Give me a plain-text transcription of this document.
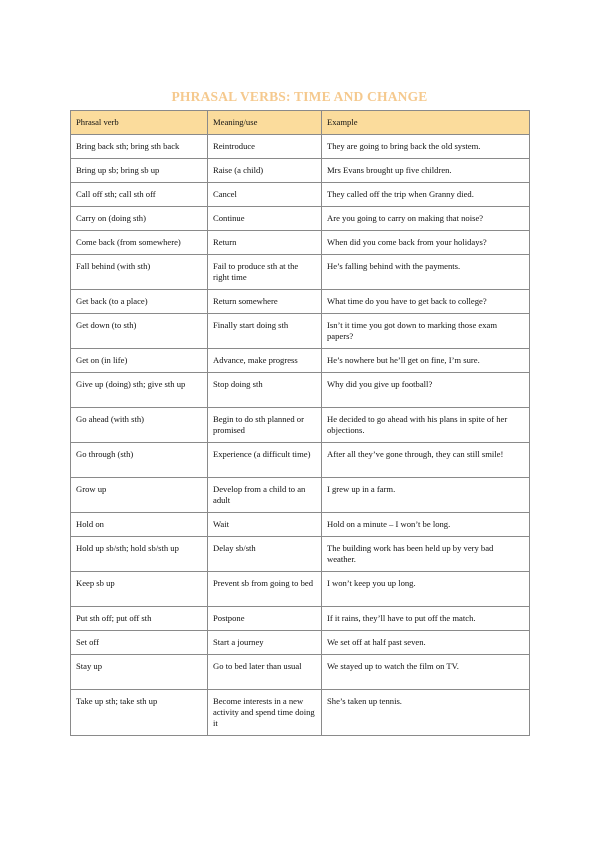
PHRASAL VERBS: TIME AND CHANGE
Phrasal verb	Meaning/use	Example
Bring back sth; bring sth back	Reintroduce	They are going to bring back the old system.
Bring up sb; bring sb up	Raise (a child)	Mrs Evans brought up five children.
Call off sth; call sth off	Cancel	They called off the trip when Granny died.
Carry on (doing sth)	Continue	Are you going to carry on making that noise?
Come back (from somewhere)	Return	When did you come back from your holidays?
Fall behind (with sth)	Fail to produce sth at the right time	He’s falling behind with the payments.
Get back (to a place)	Return somewhere	What time do you have to get back to college?
Get down (to sth)	Finally start doing sth	Isn’t it time you got down to marking those exam papers?
Get on (in life)	Advance, make progress	He’s nowhere but he’ll get on fine, I’m sure.
Give up (doing) sth; give sth up	Stop doing sth	Why did you give up football?
Go ahead (with sth)	Begin to do sth planned or promised	He decided to go ahead with his plans in spite of her objections.
Go through (sth)	Experience (a difficult time)	After all they’ve gone through, they can still smile!
Grow up	Develop from a child to an adult	I grew up in a farm.
Hold on	Wait	Hold on a minute – I won’t be long.
Hold up sb/sth; hold sb/sth up	Delay sb/sth	The building work has been held up by very bad weather.
Keep sb up	Prevent sb from going to bed	I won’t keep you up long.
Put sth off; put off sth	Postpone	If it rains, they’ll have to put off the match.
Set off	Start a journey	We set off at half past seven.
Stay up	Go to bed later than usual	We stayed up to watch the film on TV.
Take up sth; take sth up	Become interests in a new activity and spend time doing it	She’s taken up tennis.
